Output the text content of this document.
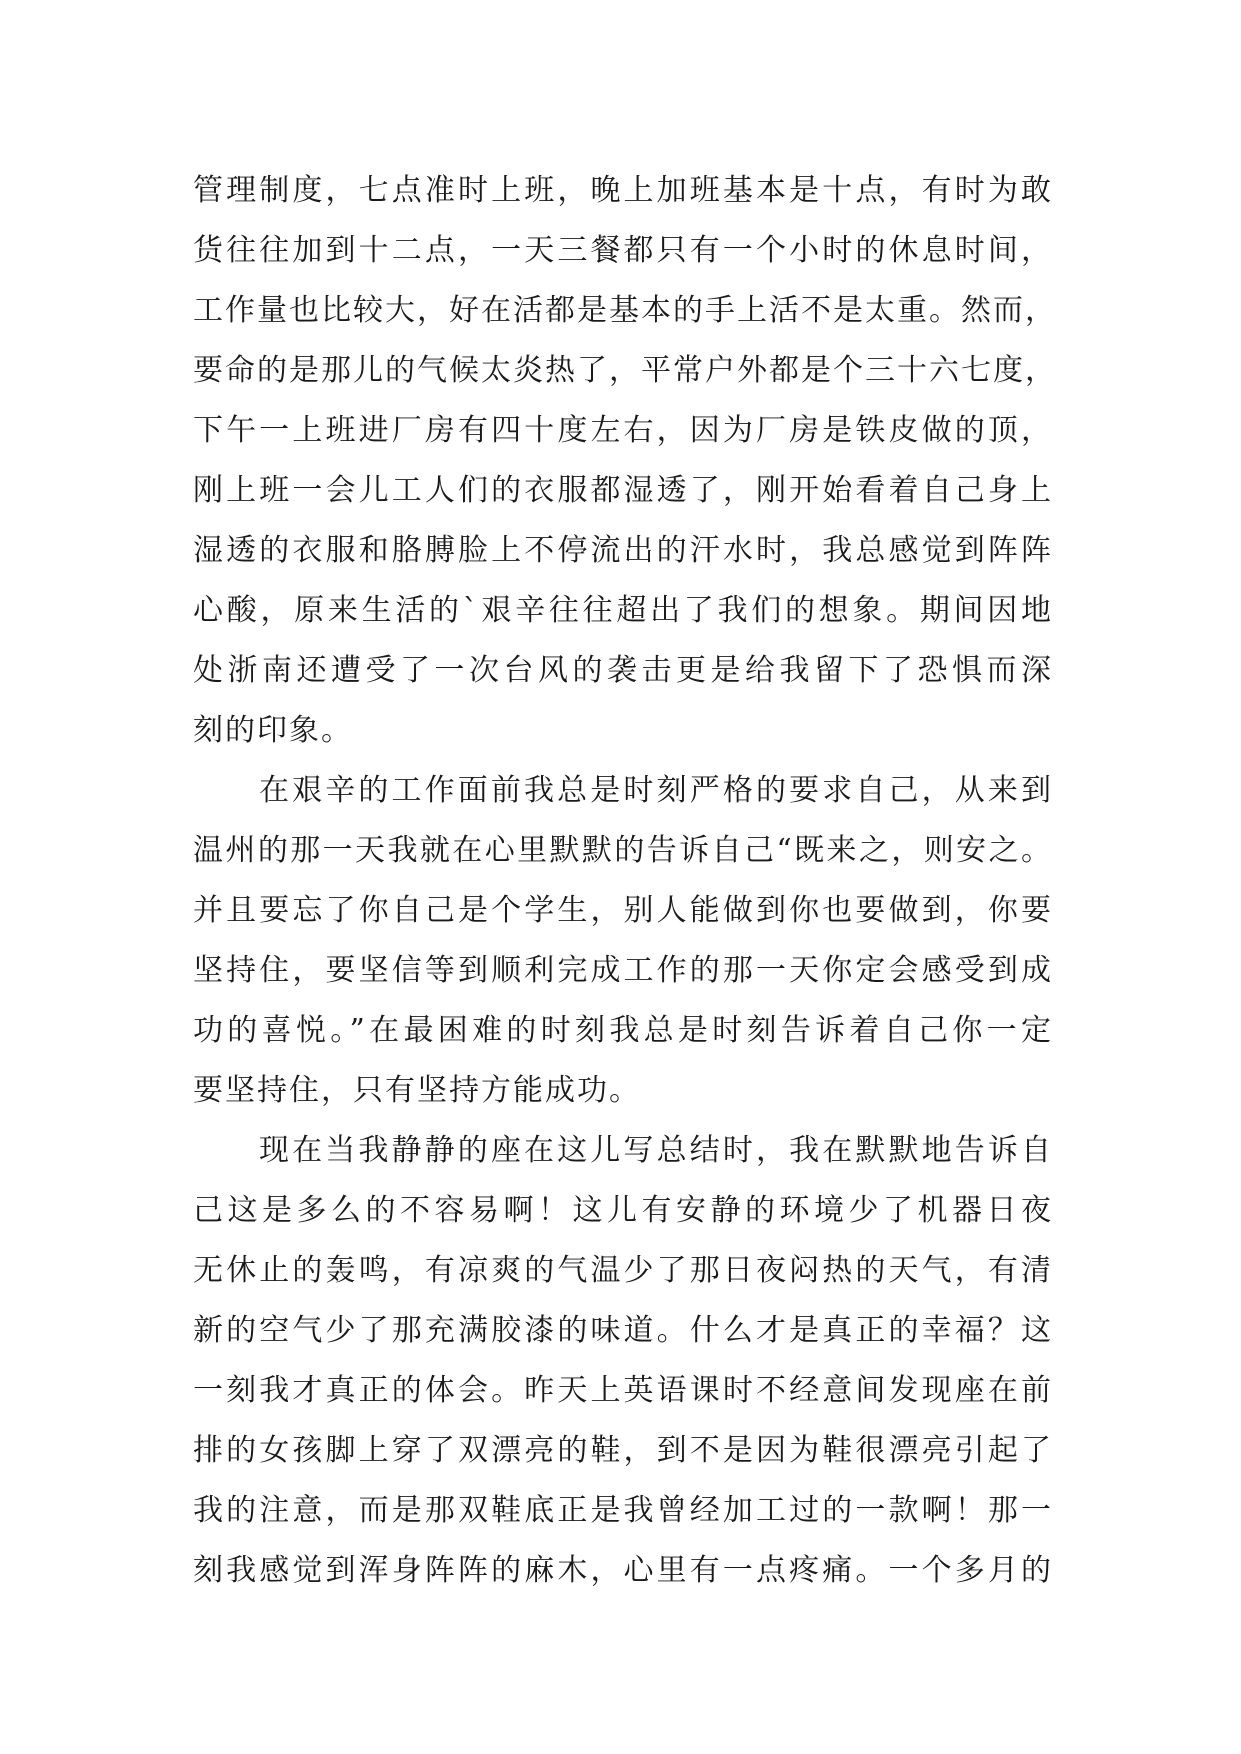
管理制度，七点准时上班，晚上加班基本是十点，有时为敢
货往往加到十二点，一天三餐都只有一个小时的休息时间，
工作量也比较大，好在活都是基本的手上活不是太重。然而，
要命的是那儿的气候太炎热了，平常户外都是个三十六七度，
下午一上班进厂房有四十度左右，因为厂房是铁皮做的顶，
刚上班一会儿工人们的衣服都湿透了，刚开始看着自己身上
湿透的衣服和胳膊脸上不停流出的汗水时，我总感觉到阵阵
心酸，原来生活的`艰辛往往超出了我们的想象。期间因地
处浙南还遭受了一次台风的袭击更是给我留下了恐惧而深
刻的印象。
在艰辛的工作面前我总是时刻严格的要求自己，从来到
温州的那一天我就在心里默默的告诉自己“既来之，则安之。
并且要忘了你自己是个学生，别人能做到你也要做到，你要
坚持住，要坚信等到顺利完成工作的那一天你定会感受到成
功的喜悦。”在最困难的时刻我总是时刻告诉着自己你一定
要坚持住，只有坚持方能成功。
现在当我静静的座在这儿写总结时，我在默默地告诉自
己这是多么的不容易啊！这儿有安静的环境少了机器日夜
无休止的轰鸣，有凉爽的气温少了那日夜闷热的天气，有清
新的空气少了那充满胶漆的味道。什么才是真正的幸福？这
一刻我才真正的体会。昨天上英语课时不经意间发现座在前
排的女孩脚上穿了双漂亮的鞋，到不是因为鞋很漂亮引起了
我的注意，而是那双鞋底正是我曾经加工过的一款啊！那一
刻我感觉到浑身阵阵的麻木，心里有一点疼痛。一个多月的
